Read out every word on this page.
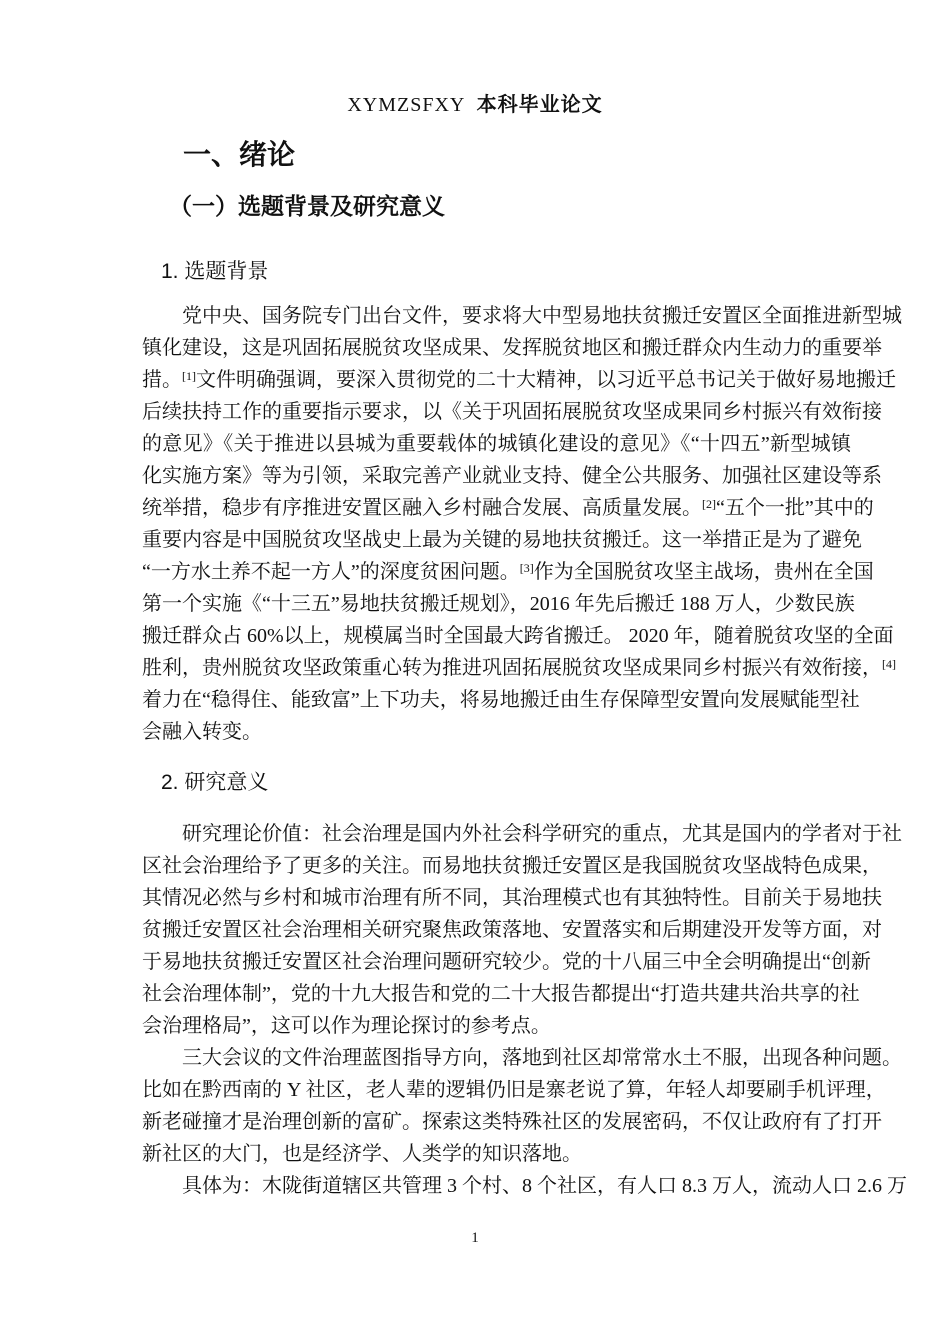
XYMZSFXY 本科毕业论文
一、绪论
（一）选题背景及研究意义
1. 选题背景
党中央、国务院专门出台文件，要求将大中型易地扶贫搬迁安置区全面推进新型城
镇化建设，这是巩固拓展脱贫攻坚成果、发挥脱贫地区和搬迁群众内生动力的重要举
措。[1]文件明确强调，要深入贯彻党的二十大精神，以习近平总书记关于做好易地搬迁
后续扶持工作的重要指示要求，以《关于巩固拓展脱贫攻坚成果同乡村振兴有效衔接
的意见》《关于推进以县城为重要载体的城镇化建设的意见》《“十四五”新型城镇
化实施方案》等为引领，采取完善产业就业支持、健全公共服务、加强社区建设等系
统举措，稳步有序推进安置区融入乡村融合发展、高质量发展。[2]“五个一批”其中的
重要内容是中国脱贫攻坚战史上最为关键的易地扶贫搬迁。这一举措正是为了避免
“一方水土养不起一方人”的深度贫困问题。[3]作为全国脱贫攻坚主战场，贵州在全国
第一个实施《“十三五”易地扶贫搬迁规划》，2016 年先后搬迁 188 万人，少数民族
搬迁群众占 60%以上，规模属当时全国最大跨省搬迁。 2020 年，随着脱贫攻坚的全面
胜利，贵州脱贫攻坚政策重心转为推进巩固拓展脱贫攻坚成果同乡村振兴有效衔接，[4]
着力在“稳得住、能致富”上下功夫，将易地搬迁由生存保障型安置向发展赋能型社
会融入转变。
2. 研究意义
研究理论价值：社会治理是国内外社会科学研究的重点，尤其是国内的学者对于社
区社会治理给予了更多的关注。而易地扶贫搬迁安置区是我国脱贫攻坚战特色成果，
其情况必然与乡村和城市治理有所不同，其治理模式也有其独特性。目前关于易地扶
贫搬迁安置区社会治理相关研究聚焦政策落地、安置落实和后期建没开发等方面，对
于易地扶贫搬迁安置区社会治理问题研究较少。党的十八届三中全会明确提出“创新
社会治理体制”，党的十九大报告和党的二十大报告都提出“打造共建共治共享的社
会治理格局”，这可以作为理论探讨的参考点。
三大会议的文件治理蓝图指导方向，落地到社区却常常水土不服，出现各种问题。
比如在黔西南的 Y 社区，老人辈的逻辑仍旧是寨老说了算，年轻人却要刷手机评理，
新老碰撞才是治理创新的富矿。探索这类特殊社区的发展密码，不仅让政府有了打开
新社区的大门，也是经济学、人类学的知识落地。
具体为：木陇街道辖区共管理 3 个村、8 个社区，有人口 8.3 万人，流动人口 2.6 万
1
